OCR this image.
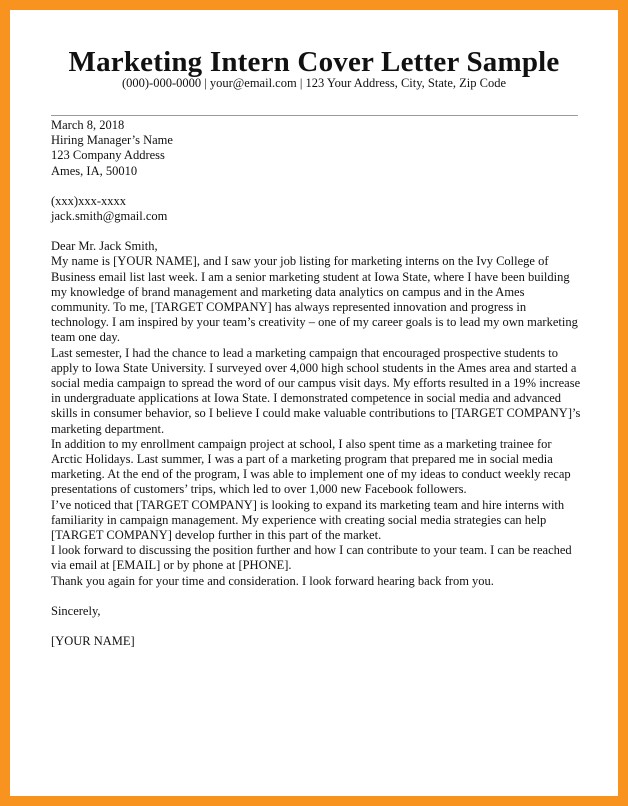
Marketing Intern Cover Letter Sample
(000)-000-0000 | your@email.com | 123 Your Address, City, State, Zip Code
March 8, 2018
Hiring Manager’s Name
123 Company Address
Ames, IA, 50010
(xxx)xxx-xxxx
jack.smith@gmail.com
Dear Mr. Jack Smith,

My name is [YOUR NAME], and I saw your job listing for marketing interns on the Ivy College of Business email list last week. I am a senior marketing student at Iowa State, where I have been building my knowledge of brand management and marketing data analytics on campus and in the Ames community. To me, [TARGET COMPANY] has always represented innovation and progress in technology. I am inspired by your team’s creativity – one of my career goals is to lead my own marketing team one day.

Last semester, I had the chance to lead a marketing campaign that encouraged prospective students to apply to Iowa State University. I surveyed over 4,000 high school students in the Ames area and started a social media campaign to spread the word of our campus visit days. My efforts resulted in a 19% increase in undergraduate applications at Iowa State. I demonstrated competence in social media and advanced skills in consumer behavior, so I believe I could make valuable contributions to [TARGET COMPANY]’s marketing department.

In addition to my enrollment campaign project at school, I also spent time as a marketing trainee for Arctic Holidays. Last summer, I was a part of a marketing program that prepared me in social media marketing. At the end of the program, I was able to implement one of my ideas to conduct weekly recap presentations of customers’ trips, which led to over 1,000 new Facebook followers.

I’ve noticed that [TARGET COMPANY] is looking to expand its marketing team and hire interns with familiarity in campaign management. My experience with creating social media strategies can help [TARGET COMPANY] develop further in this part of the market.

I look forward to discussing the position further and how I can contribute to your team. I can be reached via email at [EMAIL] or by phone at [PHONE].

Thank you again for your time and consideration. I look forward hearing back from you.

Sincerely,
[YOUR NAME]
